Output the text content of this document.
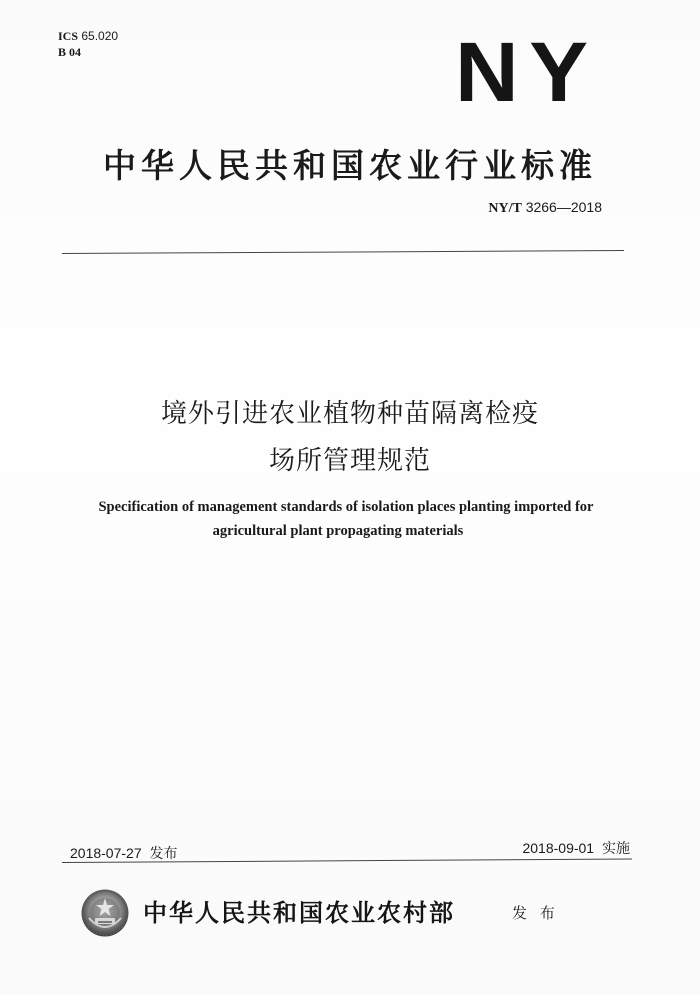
ICS 65.020
B 04	NY
中华人民共和国农业行业标准
NY/T 3266—2018
境外引进农业植物种苗隔离检疫
场所管理规范
Specification of management standards of isolation places planting imported for
agricultural plant propagating materials
2018-07-27 发布	2018-09-01 实施
中华人民共和国农业农村部	发 布
